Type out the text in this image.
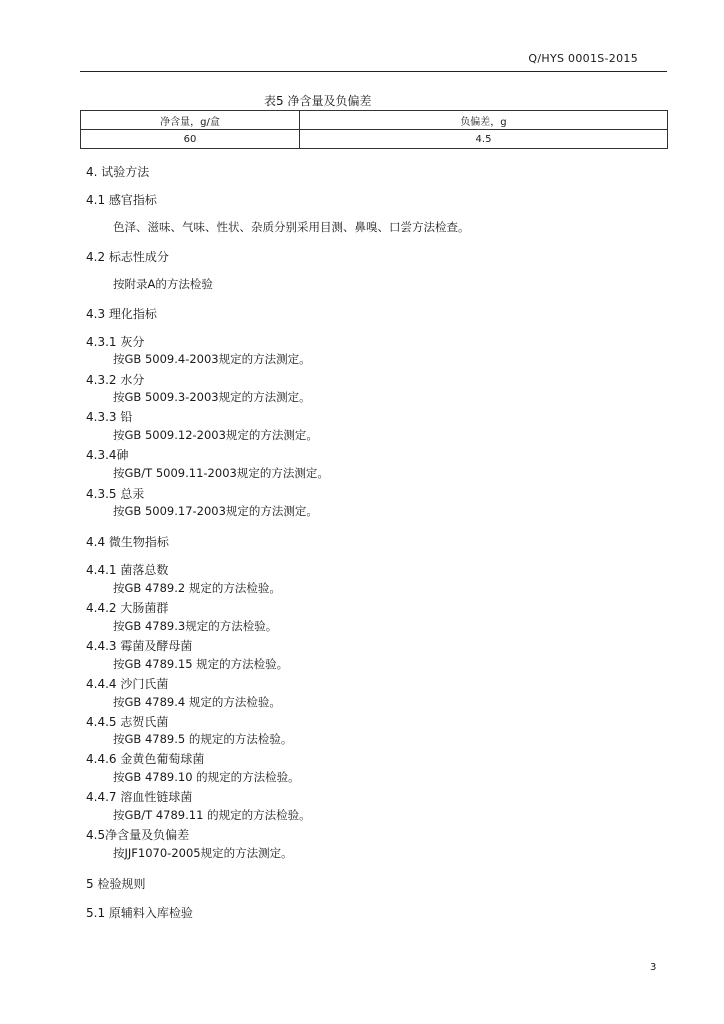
Q/HYS 0001S-2015
表5 净含量及负偏差
净含量，g/盒	负偏差，g
60	4.5
4. 试验方法
4.1 感官指标
色泽、滋味、气味、性状、杂质分别采用目测、鼻嗅、口尝方法检查。
4.2 标志性成分
按附录A的方法检验
4.3 理化指标
4.3.1 灰分
按GB 5009.4-2003规定的方法测定。
4.3.2 水分
按GB 5009.3-2003规定的方法测定。
4.3.3 铅
按GB 5009.12-2003规定的方法测定。
4.3.4砷
按GB/T 5009.11-2003规定的方法测定。
4.3.5 总汞
按GB 5009.17-2003规定的方法测定。
4.4 微生物指标
4.4.1 菌落总数
按GB 4789.2 规定的方法检验。
4.4.2 大肠菌群
按GB 4789.3规定的方法检验。
4.4.3 霉菌及酵母菌
按GB 4789.15 规定的方法检验。
4.4.4 沙门氏菌
按GB 4789.4 规定的方法检验。
4.4.5 志贺氏菌
按GB 4789.5 的规定的方法检验。
4.4.6 金黄色葡萄球菌
按GB 4789.10 的规定的方法检验。
4.4.7 溶血性链球菌
按GB/T 4789.11 的规定的方法检验。
4.5净含量及负偏差
按JJF1070-2005规定的方法测定。
5 检验规则
5.1 原辅料入库检验
3
